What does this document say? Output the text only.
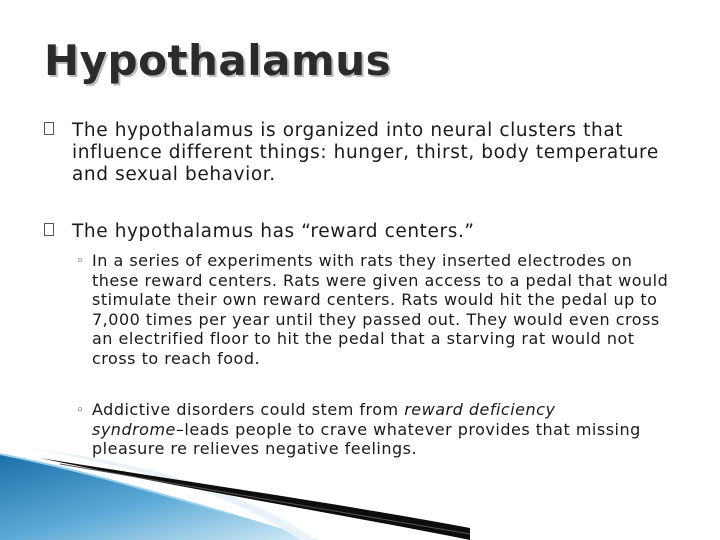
Hypothalamus
The hypothalamus is organized into neural clusters that influence different things: hunger, thirst, body temperature and sexual behavior.
The hypothalamus has “reward centers.”
◦ In a series of experiments with rats they inserted electrodes on these reward centers. Rats were given access to a pedal that would stimulate their own reward centers. Rats would hit the pedal up to 7,000 times per year until they passed out. They would even cross an electrified floor to hit the pedal that a starving rat would not cross to reach food.
◦ Addictive disorders could stem from reward deficiency syndrome–leads people to crave whatever provides that missing pleasure re relieves negative feelings.
